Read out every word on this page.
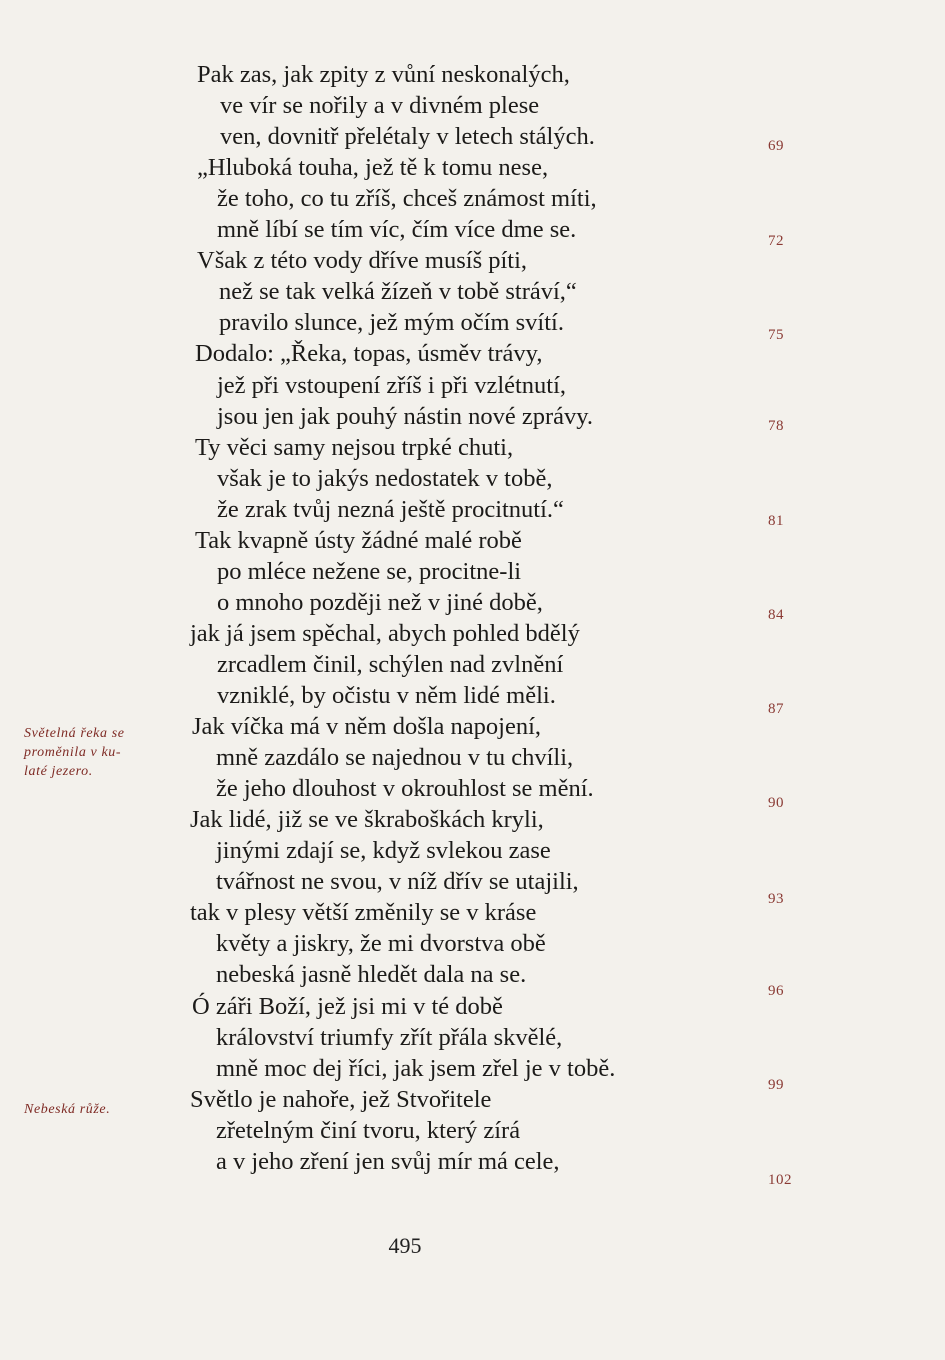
Pak zas, jak zpity z vůní neskonalých,
ve vír se nořily a v divném plese
ven, dovnitř přelétaly v letech stálých.
„Hluboká touha, jež tě k tomu nese,
že toho, co tu zříš, chceš známost míti,
mně líbí se tím víc, čím více dme se.
Však z této vody dříve musíš píti,
než se tak velká žízeň v tobě stráví,“
pravilo slunce, jež mým očím svítí.
Dodalo: „Řeka, topas, úsměv trávy,
jež při vstoupení zříš i při vzlétnutí,
jsou jen jak pouhý nástin nové zprávy.
Ty věci samy nejsou trpké chuti,
však je to jakýs nedostatek v tobě,
že zrak tvůj nezná ještě procitnutí.“
Tak kvapně ústy žádné malé robě
po mléce neženе se, procitne-li
o mnoho později než v jiné době,
jak já jsem spěchal, abych pohled bdělý
zrcadlem činil, schýlen nad zvlnění
vzniklé, by očistu v něm lidé měli.
Jak víčka má v něm došla napojení,
mně zazdálo se najednou v tu chvíli,
že jeho dlouhost v okrouhlost se mění.
Jak lidé, již se ve škraboškách kryli,
jinými zdají se, když svlekou zase
tvářnost ne svou, v níž dřív se utajili,
tak v plesy větší změnily se v kráse
květy a jiskry, že mi dvorstva obě
nebeská jasně hledět dala na se.
Ó záři Boží, jež jsi mi v té době
království triumfy zřít přála skvělé,
mně moc dej říci, jak jsem zřel je v tobě.
Světlo je nahoře, jež Stvořitele
zřetelným činí tvoru, který zírá
a v jeho zření jen svůj mír má cele,
69
72
75
78
81
84
87
90
93
96
99
102
Světelná řeka se
proměnila v ku-
laté jezero.
Nebeská růže.
495
